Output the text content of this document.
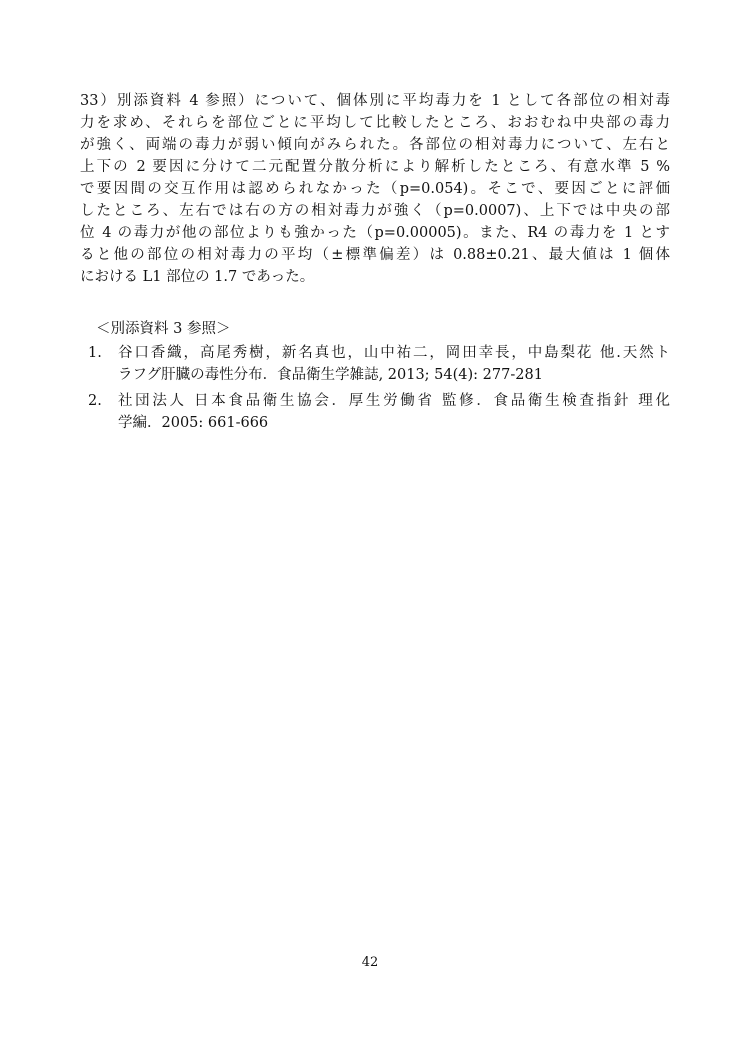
33）別添資料 4 参照）について、個体別に平均毒力を 1 として各部位の相対毒
力を求め、それらを部位ごとに平均して比較したところ、おおむね中央部の毒力
が強く、両端の毒力が弱い傾向がみられた。各部位の相対毒力について、左右と
上下の 2 要因に分けて二元配置分散分析により解析したところ、有意水準 5 %
で要因間の交互作用は認められなかった（p=0.054)。そこで、要因ごとに評価
したところ、左右では右の方の相対毒力が強く（p=0.0007)、上下では中央の部
位 4 の毒力が他の部位よりも強かった（p=0.00005)。また、R4 の毒力を 1 とす
ると他の部位の相対毒力の平均（±標準偏差）は 0.88±0.21、最大値は 1 個体
における L1 部位の 1.7 であった。
＜別添資料 3 参照＞
1.	谷口香織，高尾秀樹，新名真也，山中祐二，岡田幸長，中島梨花 他.天然ト
ラフグ肝臓の毒性分布．食品衛生学雑誌, 2013; 54(4): 277-281
2.	社団法人 日本食品衛生協会．厚生労働省 監修．食品衛生検査指針 理化
学編．2005: 661-666
42
